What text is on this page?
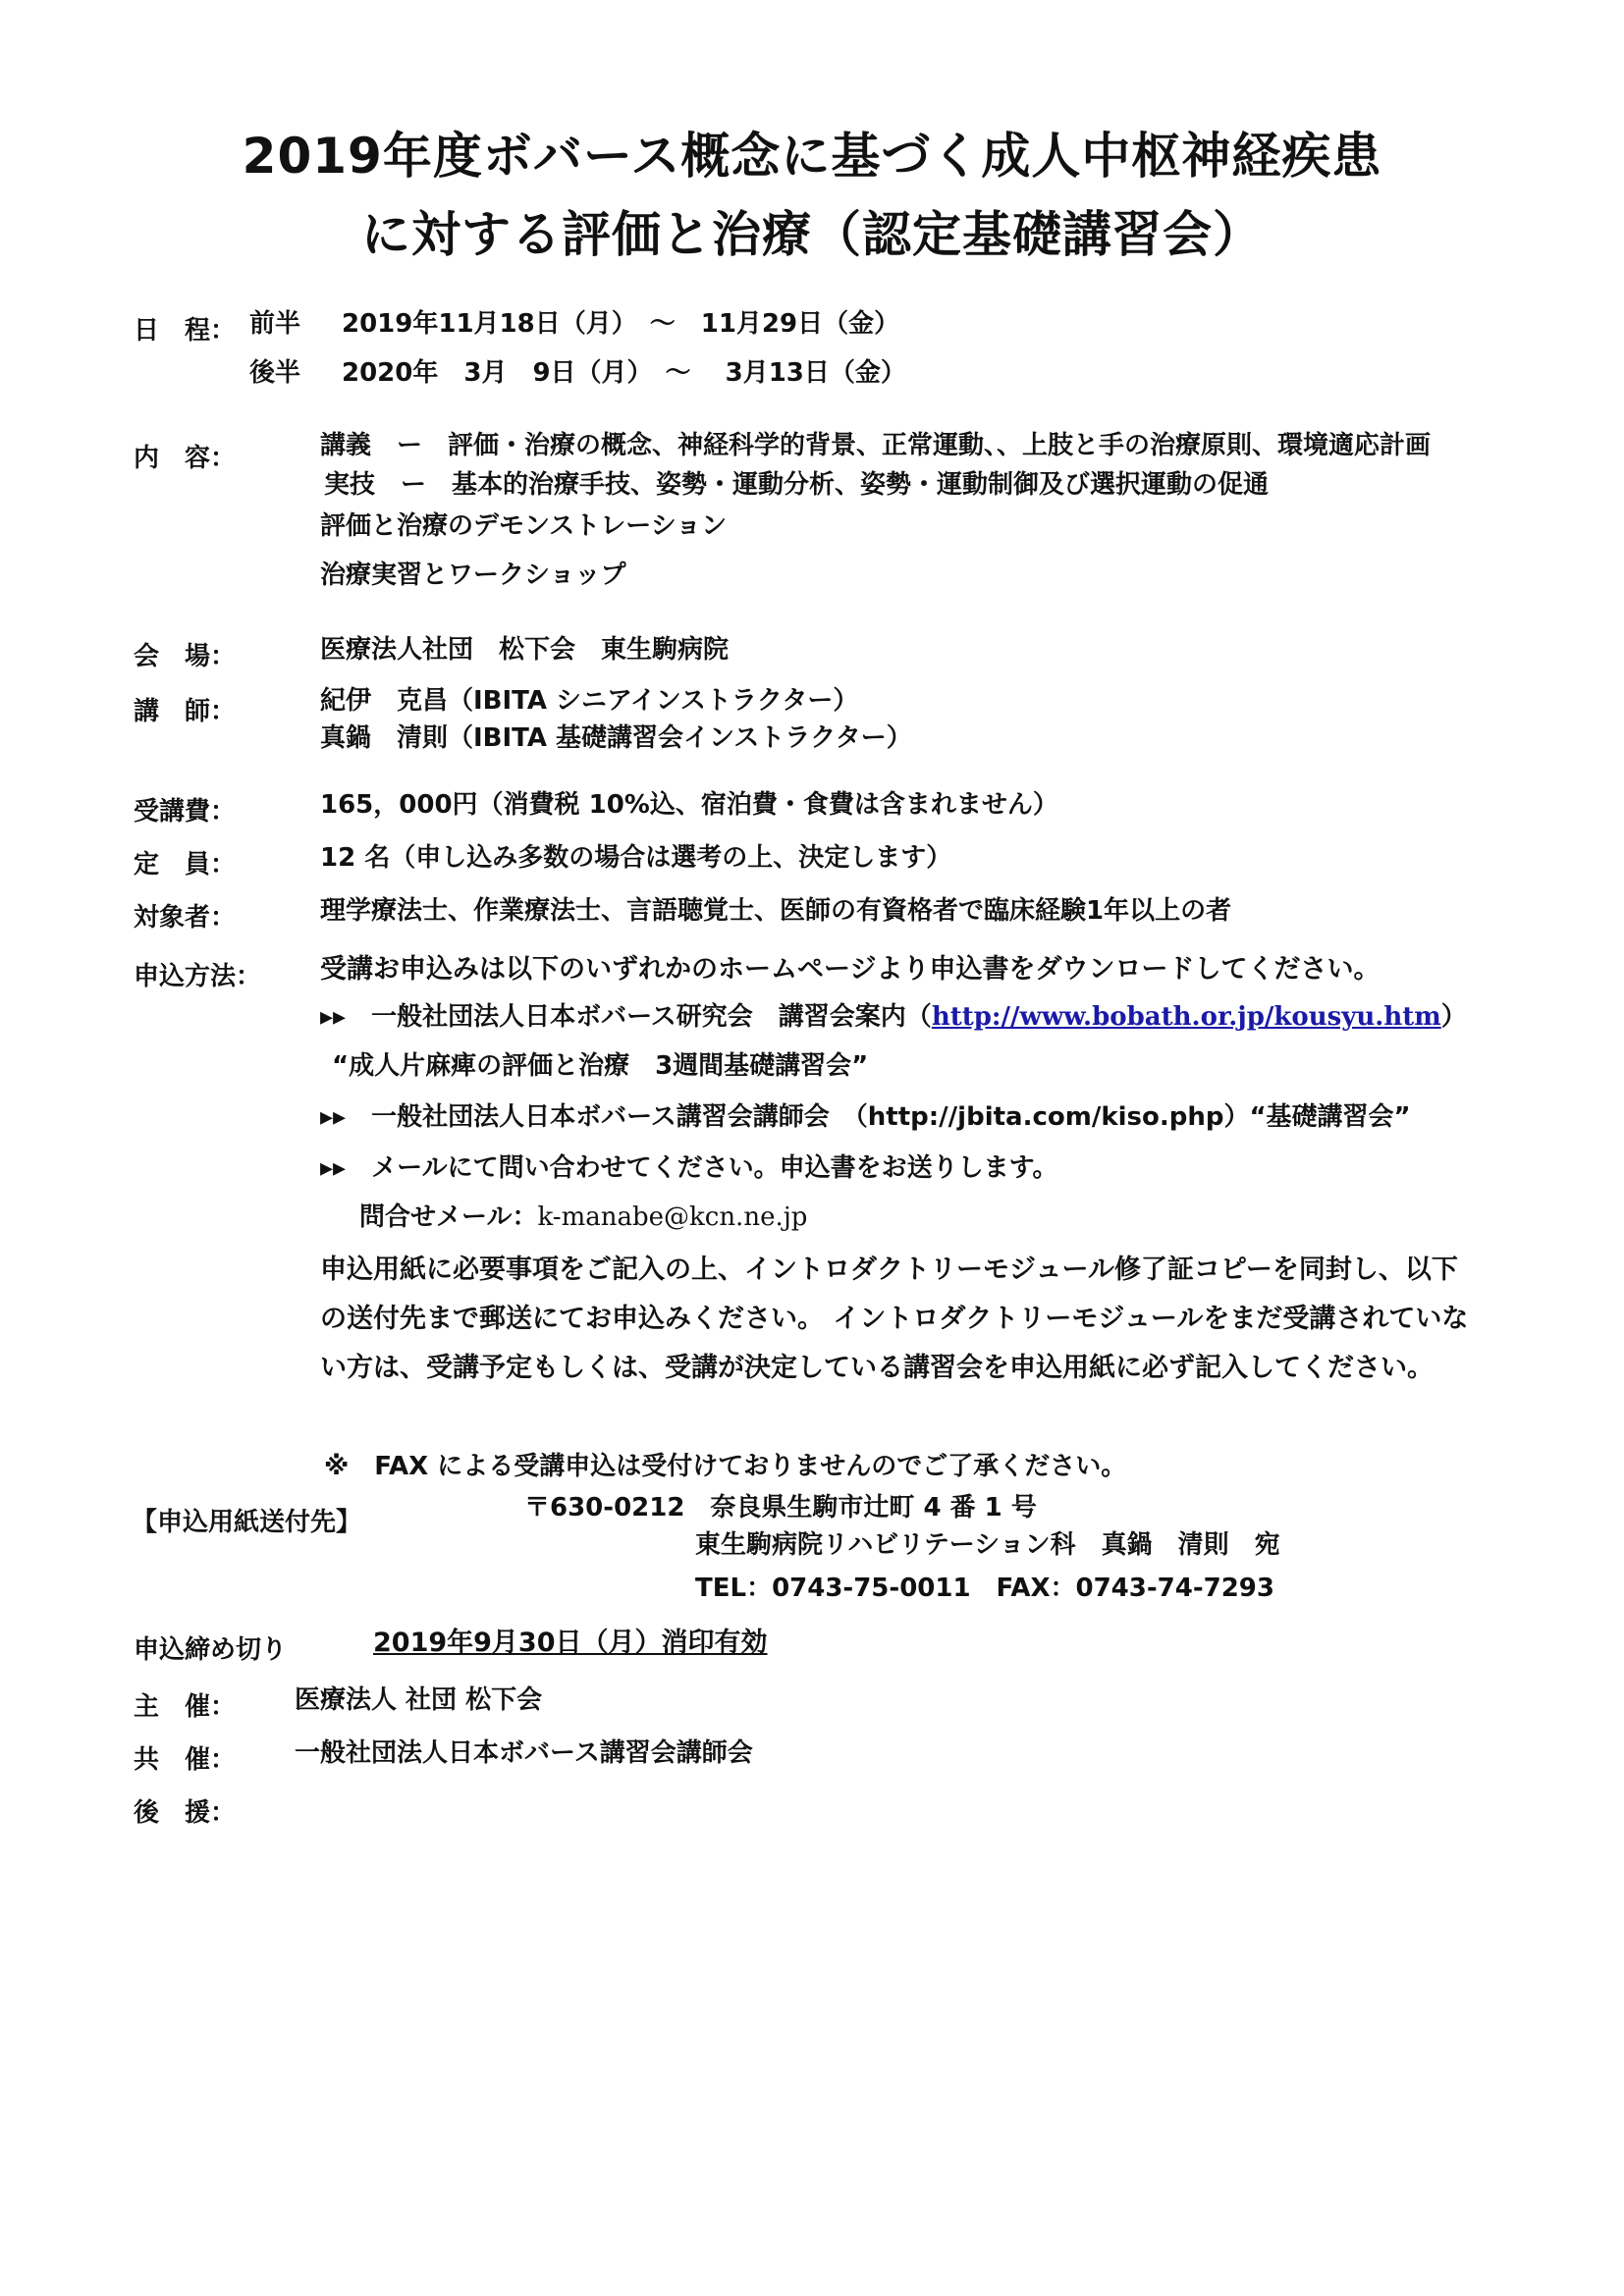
2019年度ボバース概念に基づく成人中枢神経疾患
に対する評価と治療（認定基礎講習会）
日　程： 前半 2019年11月18日（月）　～　11月29日（金）
後半 2020年　3月　9日（月）　～　 3月13日（金）
内　容：	講義　ー　評価・治療の概念、神経科学的背景、正常運動、、上肢と手の治療原則、環境適応計画
実技　ー　基本的治療手技、姿勢・運動分析、姿勢・運動制御及び選択運動の促通
評価と治療のデモンストレーション
治療実習とワークショップ
会　場：	医療法人社団　松下会　東生駒病院
講　師：	紀伊　克昌（IBITA シニアインストラクター）
真鍋　清則（IBITA 基礎講習会インストラクター）
受講費：	165，000円（消費税 10%込、宿泊費・食費は含まれません）
定　員：	12 名（申し込み多数の場合は選考の上、決定します）
対象者：	理学療法士、作業療法士、言語聴覚士、医師の有資格者で臨床経験1年以上の者
申込方法： 受講お申込みは以下のいずれかのホームページより申込書をダウンロードしてください。
▸▸　一般社団法人日本ボバース研究会　講習会案内（http://www.bobath.or.jp/kousyu.htm）
“成人片麻痺の評価と治療　3週間基礎講習会”
▸▸　一般社団法人日本ボバース講習会講師会　（http://jbita.com/kiso.php）“基礎講習会”
▸▸　メールにて問い合わせてください。申込書をお送りします。
問合せメール：k-manabe@kcn.ne.jp
申込用紙に必要事項をご記入の上、イントロダクトリーモジュール修了証コピーを同封し、以下
の送付先まで郵送にてお申込みください。 イントロダクトリーモジュールをまだ受講されていな
い方は、受講予定もしくは、受講が決定している講習会を申込用紙に必ず記入してください。
※　FAX による受講申込は受付けておりませんのでご了承ください。
【申込用紙送付先】	〒630-0212　奈良県生駒市辻町 4 番 1 号
東生駒病院リハビリテーション科　真鍋　清則　宛
TEL：0743-75-0011　FAX：0743-74-7293
申込締め切り	2019年9月30日（月）消印有効
主　催： 医療法人 社団 松下会
共　催： 一般社団法人日本ボバース講習会講師会
後　援：
